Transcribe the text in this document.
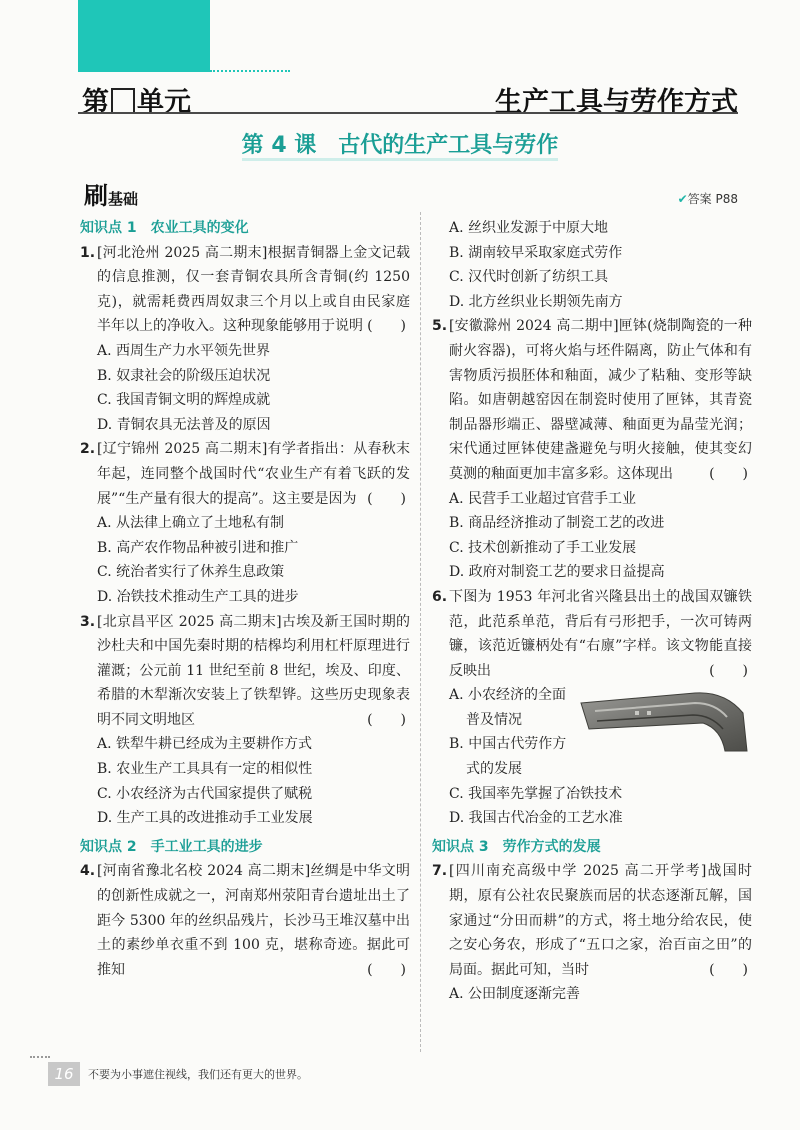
第 单元	生产工具与劳作方式
第 4 课　古代的生产工具与劳作
刷基础	✔答案 P88
知识点 1　农业工具的变化
1. [河北沧州 2025 高二期末]根据青铜器上金文记载的信息推测，仅一套青铜农具所含青铜(约 1250 克)，就需耗费西周奴隶三个月以上或自由民家庭半年以上的净收入。这种现象能够用于说明 (　　)
A. 西周生产力水平领先世界
B. 奴隶社会的阶级压迫状况
C. 我国青铜文明的辉煌成就
D. 青铜农具无法普及的原因
2. [辽宁锦州 2025 高二期末]有学者指出：从春秋末年起，连同整个战国时代“农业生产有着飞跃的发展”“生产量有很大的提高”。这主要是因为 (　　)
A. 从法律上确立了土地私有制
B. 高产农作物品种被引进和推广
C. 统治者实行了休养生息政策
D. 冶铁技术推动生产工具的进步
3. [北京昌平区 2025 高二期末]古埃及新王国时期的沙杜夫和中国先秦时期的桔槔均利用杠杆原理进行灌溉；公元前 11 世纪至前 8 世纪，埃及、印度、希腊的木犁渐次安装上了铁犁铧。这些历史现象表明不同文明地区	(　　)
A. 铁犁牛耕已经成为主要耕作方式
B. 农业生产工具具有一定的相似性
C. 小农经济为古代国家提供了赋税
D. 生产工具的改进推动手工业发展
知识点 2　手工业工具的进步
4. [河南省豫北名校 2024 高二期末]丝绸是中华文明的创新性成就之一，河南郑州荥阳青台遗址出土了距今 5300 年的丝织品残片，长沙马王堆汉墓中出土的素纱单衣重不到 100 克，堪称奇迹。据此可推知	(　　)
A. 丝织业发源于中原大地
B. 湖南较早采取家庭式劳作
C. 汉代时创新了纺织工具
D. 北方丝织业长期领先南方
5. [安徽滁州 2024 高二期中]匣钵(烧制陶瓷的一种耐火容器)，可将火焰与坯件隔离，防止气体和有害物质污损胚体和釉面，减少了粘釉、变形等缺陷。如唐朝越窑因在制瓷时使用了匣钵，其青瓷制品器形端正、器壁减薄、釉面更为晶莹光润；宋代通过匣钵使建盏避免与明火接触，使其变幻莫测的釉面更加丰富多彩。这体现出	(　　)
A. 民营手工业超过官营手工业
B. 商品经济推动了制瓷工艺的改进
C. 技术创新推动了手工业发展
D. 政府对制瓷工艺的要求日益提高
6. 下图为 1953 年河北省兴隆县出土的战国双镰铁范，此范系单范，背后有弓形把手，一次可铸两镰，该范近镰柄处有“右廪”字样。该文物能直接反映出	(　　)
A. 小农经济的全面
普及情况
B. 中国古代劳作方
式的发展
C. 我国率先掌握了冶铁技术
D. 我国古代冶金的工艺水准
知识点 3　劳作方式的发展
7. [四川南充高级中学 2025 高二开学考]战国时期，原有公社农民聚族而居的状态逐渐瓦解，国家通过“分田而耕”的方式，将土地分给农民，使之安心务农，形成了“五口之家，治百亩之田”的局面。据此可知，当时	(　　)
A. 公田制度逐渐完善
16	不要为小事遮住视线，我们还有更大的世界。
